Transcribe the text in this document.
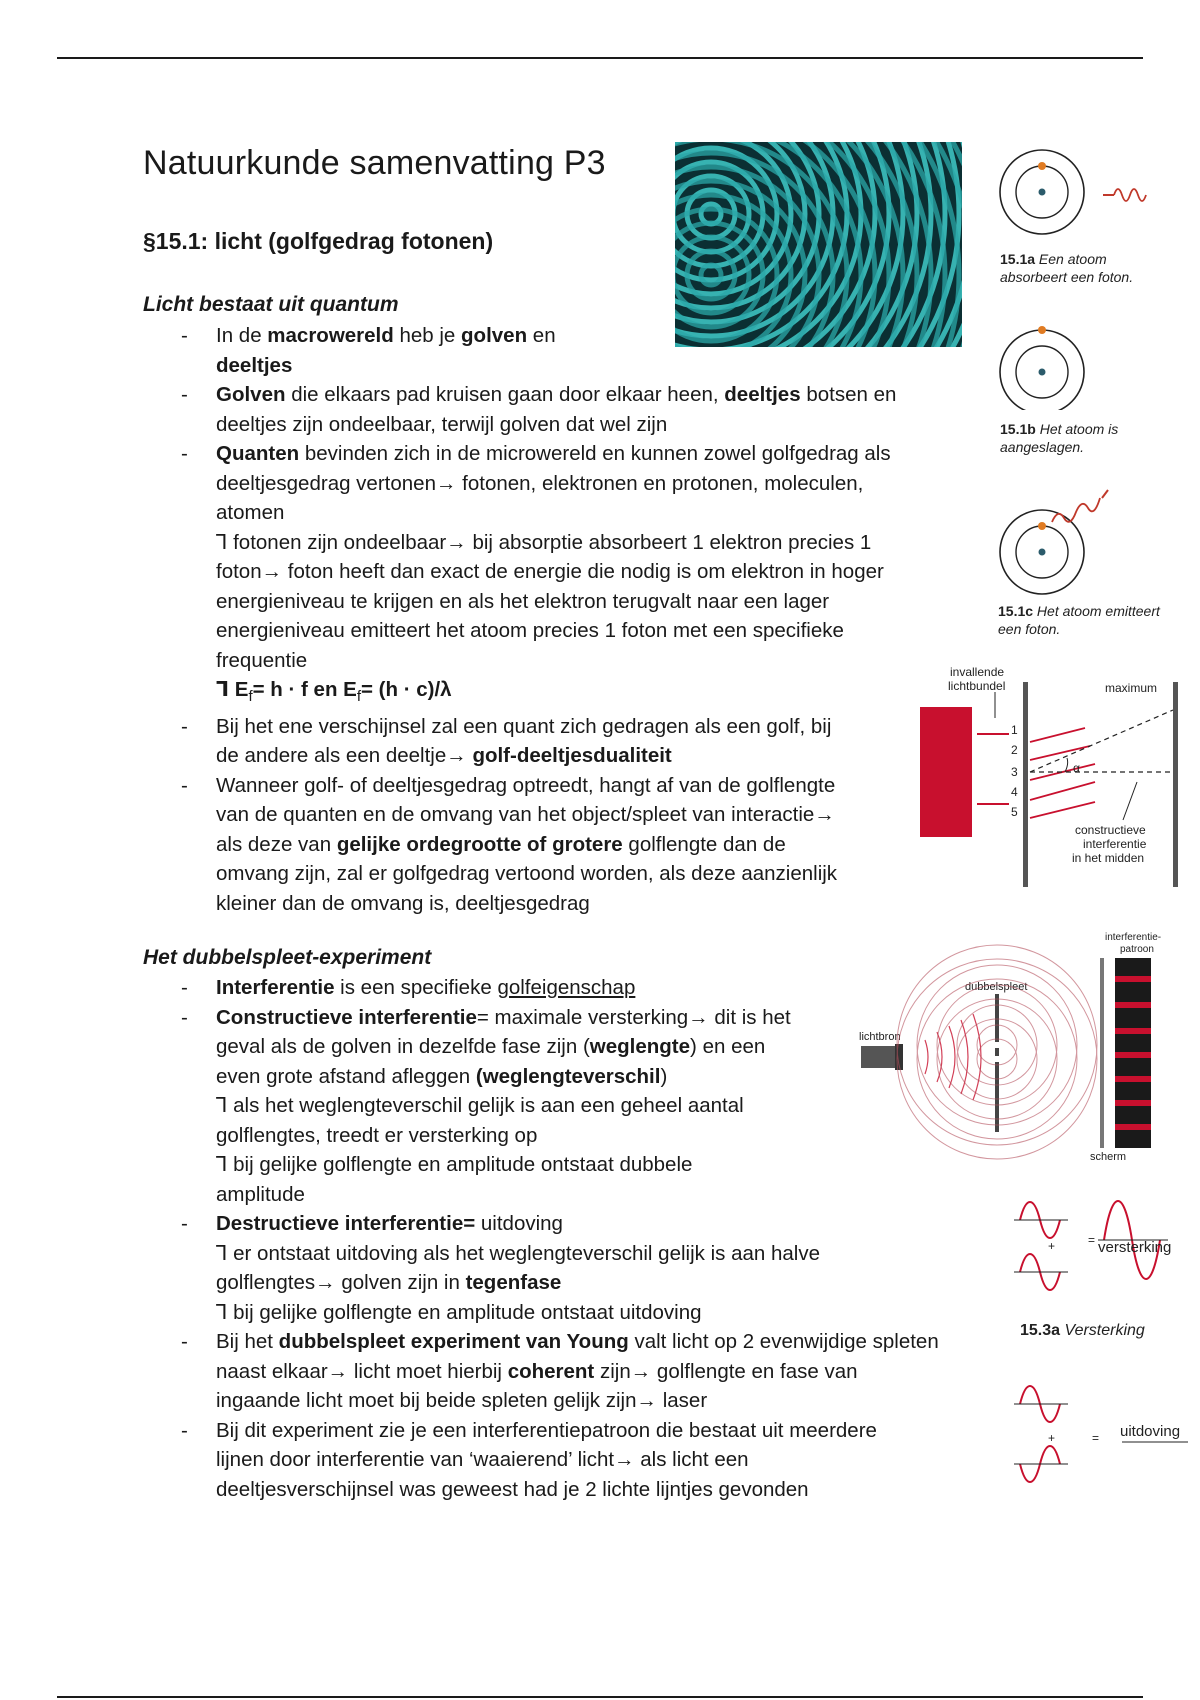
Natuurkunde samenvatting P3
§15.1: licht (golfgedrag fotonen)
Licht bestaat uit quantum
- In de macrowereld heb je golven en
deeltjes
- Golven die elkaars pad kruisen gaan door elkaar heen, deeltjes botsen en
deeltjes zijn ondeelbaar, terwijl golven dat wel zijn
- Quanten bevinden zich in de microwereld en kunnen zowel golfgedrag als
deeltjesgedrag vertonen→ fotonen, elektronen en protonen, moleculen,
atomen
Ꞁ fotonen zijn ondeelbaar→ bij absorptie absorbeert 1 elektron precies 1
foton→ foton heeft dan exact de energie die nodig is om elektron in hoger
energieniveau te krijgen en als het elektron terugvalt naar een lager
energieniveau emitteert het atoom precies 1 foton met een specifieke
frequentie
Ꞁ $E_f= h \cdot f$ en $E_f= (h \cdot c)/\lambda$
- Bij het ene verschijnsel zal een quant zich gedragen als een golf, bij
de andere als een deeltje→ golf-deeltjesdualiteit
- Wanneer golf- of deeltjesgedrag optreedt, hangt af van de golflengte
van de quanten en de omvang van het object/spleet van interactie→
als deze van gelijke ordegrootte of grotere golflengte dan de
omvang zijn, zal er golfgedrag vertoond worden, als deze aanzienlijk
kleiner dan de omvang is, deeltjesgedrag
Het dubbelspleet-experiment
- Interferentie is een specifieke golfeigenschap
- Constructieve interferentie= maximale versterking→ dit is het
geval als de golven in dezelfde fase zijn (weglengte) en een
even grote afstand afleggen (weglengteverschil)
Ꞁ als het weglengteverschil gelijk is aan een geheel aantal
golflengtes, treedt er versterking op
Ꞁ bij gelijke golflengte en amplitude ontstaat dubbele
amplitude
- Destructieve interferentie= uitdoving
Ꞁ er ontstaat uitdoving als het weglengteverschil gelijk is aan halve
golflengtes→ golven zijn in tegenfase
Ꞁ bij gelijke golflengte en amplitude ontstaat uitdoving
- Bij het dubbelspleet experiment van Young valt licht op 2 evenwijdige spleten
naast elkaar→ licht moet hierbij coherent zijn→ golflengte en fase van
ingaande licht moet bij beide spleten gelijk zijn→ laser
- Bij dit experiment zie je een interferentiepatroon die bestaat uit meerdere
lijnen door interferentie van ‘waaierend’ licht→ als licht een
deeltjesverschijnsel was geweest had je 2 lichte lijntjes gevonden
15.1a Een atoom
absorbeert een foton.
15.1b Het atoom is
aangeslagen.
15.1c Het atoom emitteert
een foton.
invallende
lichtbundel	maximum
1
2
3
4
5
α
constructieve
interferentie
in het midden
interferentie-
patroon
dubbelspleet
lichtbron
scherm
+	= versterking
15.3a Versterking
+	= uitdoving
